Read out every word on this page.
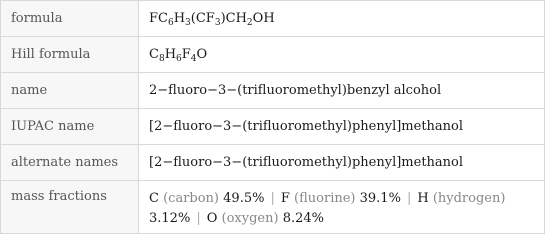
formula	$FC_6H_3(CF_3)CH_2OH$
Hill formula	$C_8H_6F_4O$
name	2−fluoro−3−(trifluoromethyl)benzyl alcohol
IUPAC name	[2−fluoro−3−(trifluoromethyl)phenyl]methanol
alternate names	[2−fluoro−3−(trifluoromethyl)phenyl]methanol
mass fractions	C (carbon) 49.5% | F (fluorine) 39.1% | H (hydrogen)
3.12% | O (oxygen) 8.24%
